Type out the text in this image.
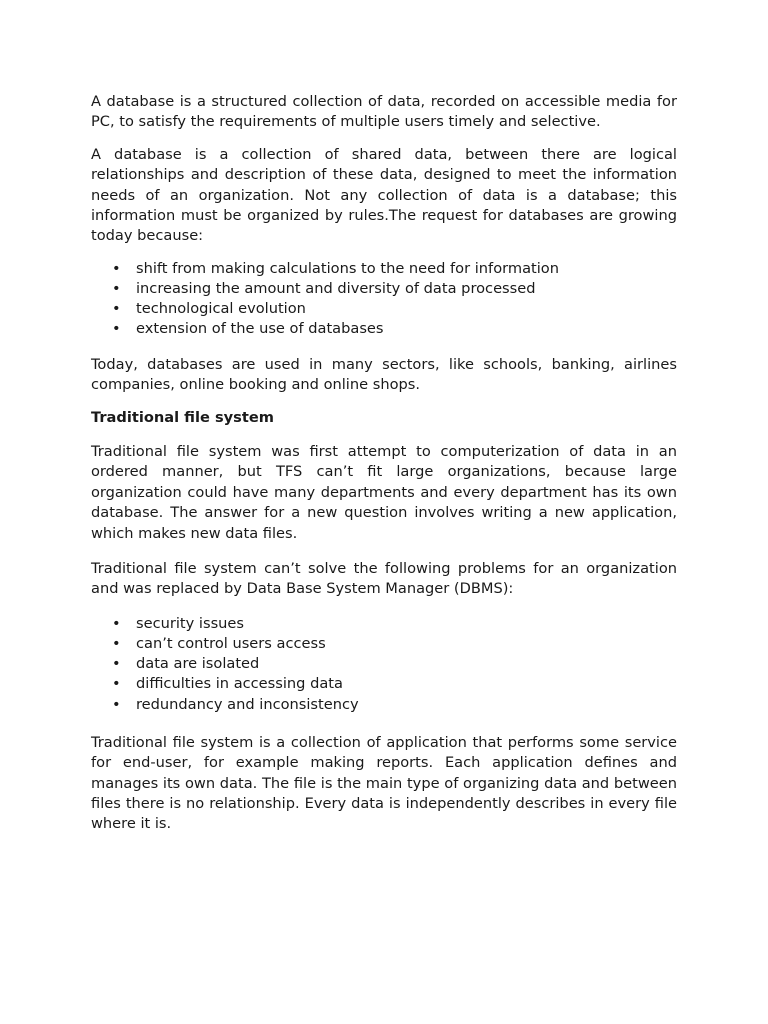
A database is a structured collection of data, recorded on accessible media for PC, to satisfy the requirements of multiple users timely and selective.

A database is a collection of shared data, between there are logical relationships and description of these data, designed to meet the information needs of an organization. Not any collection of data is a database; this information must be organized by rules.The request for databases are growing today because:

• shift from making calculations to the need for information
• increasing the amount and diversity of data processed
• technological evolution
• extension of the use of databases

Today, databases are used in many sectors, like schools, banking, airlines companies, online booking and online shops.

Traditional file system

Traditional file system was first attempt to computerization of data in an ordered manner, but TFS can’t fit large organizations, because large organization could have many departments and every department has its own database. The answer for a new question involves writing a new application, which makes new data files.

Traditional file system can’t solve the following problems for an organization and was replaced by Data Base System Manager (DBMS):

• security issues
• can’t control users access
• data are isolated
• difficulties in accessing data
• redundancy and inconsistency

Traditional file system is a collection of application that performs some service for end-user, for example making reports. Each application defines and manages its own data. The file is the main type of organizing data and between files there is no relationship. Every data is independently describes in every file where it is.
